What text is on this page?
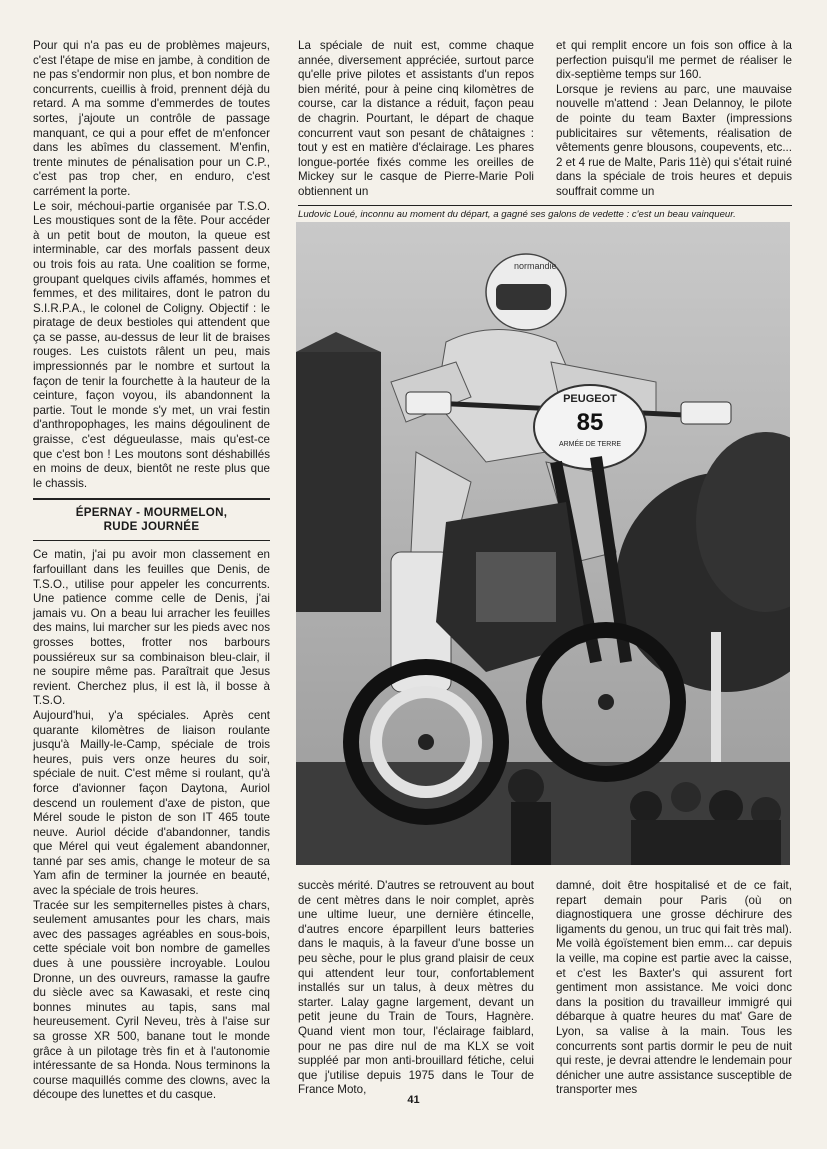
Pour qui n'a pas eu de problèmes majeurs, c'est l'étape de mise en jambe, à condition de ne pas s'endormir non plus, et bon nombre de concurrents, cueillis à froid, prennent déjà du retard. A ma somme d'emmerdes de toutes sortes, j'ajoute un contrôle de passage manquant, ce qui a pour effet de m'enfoncer dans les abîmes du classement. M'enfin, trente minutes de pénalisation pour un C.P., c'est pas trop cher, en enduro, c'est carrément la porte.

Le soir, méchoui-partie organisée par T.S.O. Les moustiques sont de la fête. Pour accéder à un petit bout de mouton, la queue est interminable, car des morfals passent deux ou trois fois au rata. Une coalition se forme, groupant quelques civils affamés, hommes et femmes, et des militaires, dont le patron du S.I.R.P.A., le colonel de Coligny. Objectif : le piratage de deux bestioles qui attendent que ça se passe, au-dessus de leur lit de braises rouges. Les cuistots râlent un peu, mais impressionnés par le nombre et surtout la façon de tenir la fourchette à la hauteur de la ceinture, façon voyou, ils abandonnent la partie. Tout le monde s'y met, un vrai festin d'anthropophages, les mains dégoulinent de graisse, c'est dégueulasse, mais qu'est-ce que c'est bon ! Les moutons sont déshabillés en moins de deux, bientôt ne reste plus que le chassis.

ÉPERNAY - MOURMELON,
RUDE JOURNÉE

Ce matin, j'ai pu avoir mon classement en farfouillant dans les feuilles que Denis, de T.S.O., utilise pour appeler les concurrents. Une patience comme celle de Denis, j'ai jamais vu. On a beau lui arracher les feuilles des mains, lui marcher sur les pieds avec nos grosses bottes, frotter nos barbours poussiéreux sur sa combinaison bleu-clair, il ne soupire même pas. Paraîtrait que Jesus revient. Cherchez plus, il est là, il bosse à T.S.O.

Aujourd'hui, y'a spéciales. Après cent quarante kilomètres de liaison roulante jusqu'à Mailly-le-Camp, spéciale de trois heures, puis vers onze heures du soir, spéciale de nuit. C'est même si roulant, qu'à force d'avionner façon Daytona, Auriol descend un roulement d'axe de piston, que Mérel soude le piston de son IT 465 toute neuve. Auriol décide d'abandonner, tandis que Mérel qui veut également abandonner, tanné par ses amis, change le moteur de sa Yam afin de terminer la journée en beauté, avec la spéciale de trois heures.

Tracée sur les sempiternelles pistes à chars, seulement amusantes pour les chars, mais avec des passages agréables en sous-bois, cette spéciale voit bon nombre de gamelles dues à une poussière incroyable. Loulou Dronne, un des ouvreurs, ramasse la gaufre du siècle avec sa Kawasaki, et reste cinq bonnes minutes au tapis, sans mal heureusement. Cyril Neveu, très à l'aise sur sa grosse XR 500, banane tout le monde grâce à un pilotage très fin et à l'autonomie intéressante de sa Honda. Nous terminons la course maquillés comme des clowns, avec la découpe des lunettes et du casque.

La spéciale de nuit est, comme chaque année, diversement appréciée, surtout parce qu'elle prive pilotes et assistants d'un repos bien mérité, pour à peine cinq kilomètres de course, car la distance a réduit, façon peau de chagrin. Pourtant, le départ de chaque concurrent vaut son pesant de châtaignes : tout y est en matière d'éclairage. Les phares longue-portée fixés comme les oreilles de Mickey sur le casque de Pierre-Marie Poli obtiennent un

et qui remplit encore un fois son office à la perfection puisqu'il me permet de réaliser le dix-septième temps sur 160.

Lorsque je reviens au parc, une mauvaise nouvelle m'attend : Jean Delannoy, le pilote de pointe du team Baxter (impressions publicitaires sur vêtements, réalisation de vêtements genre blousons, coupevents, etc... 2 et 4 rue de Malte, Paris 11è) qui s'était ruiné dans la spéciale de trois heures et depuis souffrait comme un

Ludovic Loué, inconnu au moment du départ, a gagné ses galons de vedette : c'est un beau vainqueur.
normandie
PEUGEOT
85
ARMÉE DE TERRE

succès mérité. D'autres se retrouvent au bout de cent mètres dans le noir complet, après une ultime lueur, une dernière étincelle, d'autres encore éparpillent leurs batteries dans le maquis, à la faveur d'une bosse un peu sèche, pour le plus grand plaisir de ceux qui attendent leur tour, confortablement installés sur un talus, à deux mètres du starter. Lalay gagne largement, devant un petit jeune du Train de Tours, Hagnère. Quand vient mon tour, l'éclairage faiblard, pour ne pas dire nul de ma KLX se voit suppléé par mon anti-brouillard fétiche, celui que j'utilise depuis 1975 dans le Tour de France Moto,

damné, doit être hospitalisé et de ce fait, repart demain pour Paris (où on diagnostiquera une grosse déchirure des ligaments du genou, un truc qui fait très mal). Me voilà égoïstement bien emm... car depuis la veille, ma copine est partie avec la caisse, et c'est les Baxter's qui assurent fort gentiment mon assistance. Me voici donc dans la position du travailleur immigré qui débarque à quatre heures du mat' Gare de Lyon, sa valise à la main. Tous les concurrents sont partis dormir le peu de nuit qui reste, je devrai attendre le lendemain pour dénicher une autre assistance susceptible de transporter mes

41
